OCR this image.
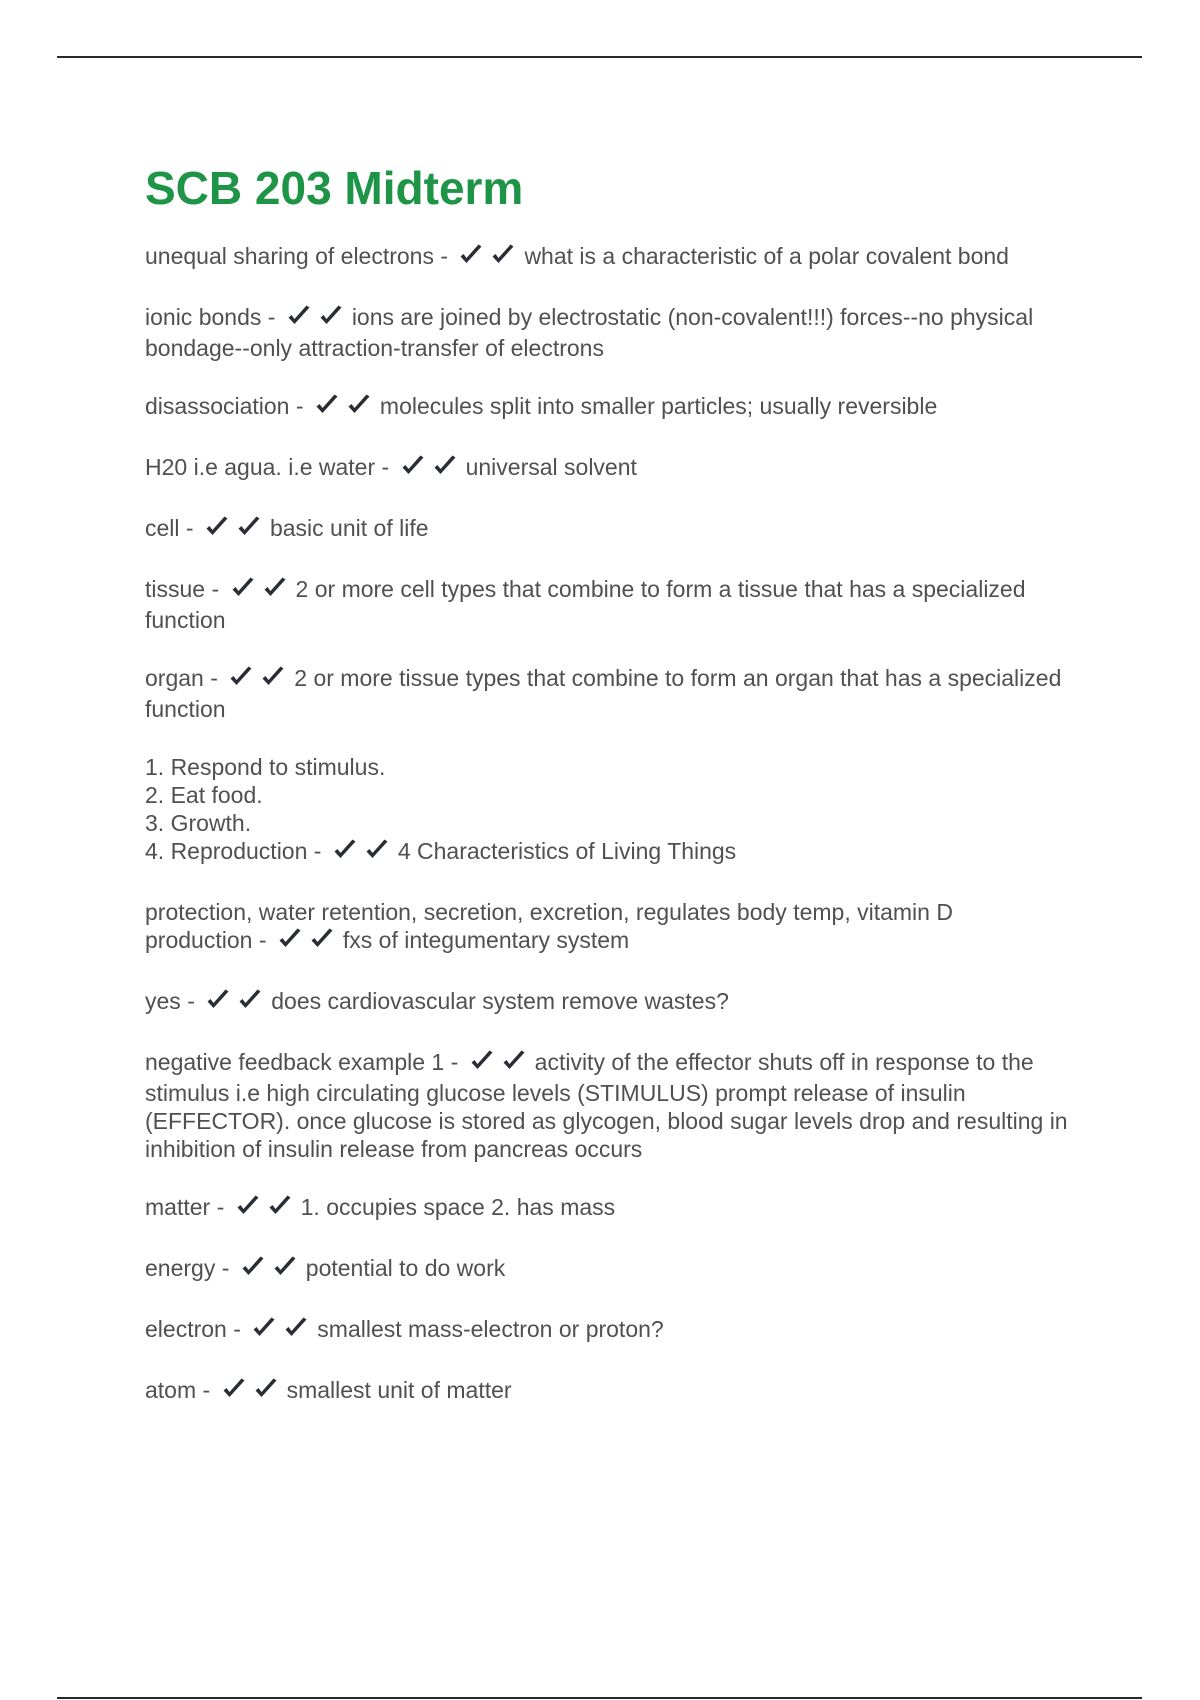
SCB 203 Midterm
unequal sharing of electrons -	what is a characteristic of a polar covalent bond
ionic bonds -	ions are joined by electrostatic (non-covalent!!!) forces--no physical bondage--only attraction-transfer of electrons
disassociation -	molecules split into smaller particles; usually reversible
H20 i.e agua. i.e water -	universal solvent
cell -	basic unit of life
tissue -	2 or more cell types that combine to form a tissue that has a specialized function
organ -	2 or more tissue types that combine to form an organ that has a specialized function
1. Respond to stimulus.
2. Eat food.
3. Growth.
4. Reproduction -	4 Characteristics of Living Things
protection, water retention, secretion, excretion, regulates body temp, vitamin D
production -	fxs of integumentary system
yes -	does cardiovascular system remove wastes?
negative feedback example 1 -	activity of the effector shuts off in response to the stimulus i.e high circulating glucose levels (STIMULUS) prompt release of insulin (EFFECTOR). once glucose is stored as glycogen, blood sugar levels drop and resulting in inhibition of insulin release from pancreas occurs
matter -	1. occupies space 2. has mass
energy -	potential to do work
electron -	smallest mass-electron or proton?
atom -	smallest unit of matter
